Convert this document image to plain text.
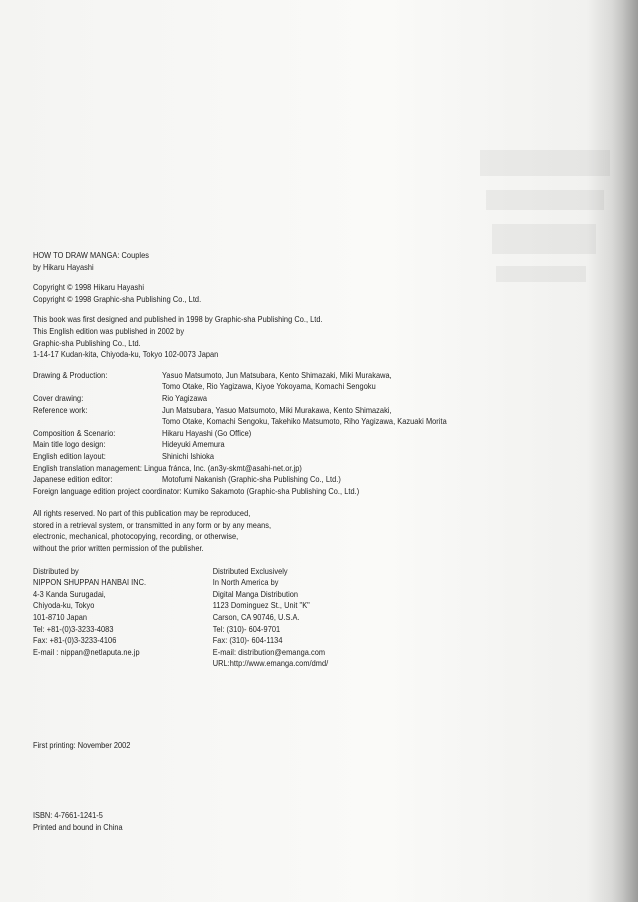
HOW TO DRAW MANGA: Couples
by Hikaru Hayashi
Copyright © 1998 Hikaru Hayashi
Copyright © 1998 Graphic-sha Publishing Co., Ltd.
This book was first designed and published in 1998 by Graphic-sha Publishing Co., Ltd.
This English edition was published in 2002 by
Graphic-sha Publishing Co., Ltd.
1-14-17 Kudan-kita, Chiyoda-ku, Tokyo 102-0073 Japan
Drawing & Production:	Yasuo Matsumoto, Jun Matsubara, Kento Shimazaki, Miki Murakawa,
Tomo Otake, Rio Yagizawa, Kiyoe Yokoyama, Komachi Sengoku
Cover drawing:	Rio Yagizawa
Reference work:	Jun Matsubara, Yasuo Matsumoto, Miki Murakawa, Kento Shimazaki,
Tomo Otake, Komachi Sengoku, Takehiko Matsumoto, Riho Yagizawa, Kazuaki Morita
Composition & Scenario:	Hikaru Hayashi (Go Office)
Main title logo design:	Hideyuki Amemura
English edition layout:	Shinichi Ishioka
English translation management: Lingua fránca, Inc. (an3y-skmt@asahi-net.or.jp)
Japanese edition editor:	Motofumi Nakanish (Graphic-sha Publishing Co., Ltd.)
Foreign language edition project coordinator: Kumiko Sakamoto (Graphic-sha Publishing Co., Ltd.)
All rights reserved. No part of this publication may be reproduced,
stored in a retrieval system, or transmitted in any form or by any means,
electronic, mechanical, photocopying, recording, or otherwise,
without the prior written permission of the publisher.
Distributed by
NIPPON SHUPPAN HANBAI INC.
4-3 Kanda Surugadai,
Chiyoda-ku, Tokyo
101-8710 Japan
Tel: +81-(0)3-3233-4083
Fax: +81-(0)3-3233-4106
E-mail : nippan@netlaputa.ne.jp
Distributed Exclusively
In North America by
Digital Manga Distribution
1123 Dominguez St., Unit "K"
Carson, CA 90746, U.S.A.
Tel: (310)- 604-9701
Fax: (310)- 604-1134
E-mail: distribution@emanga.com
URL:http://www.emanga.com/dmd/
First printing: November 2002
ISBN: 4-7661-1241-5
Printed and bound in China
